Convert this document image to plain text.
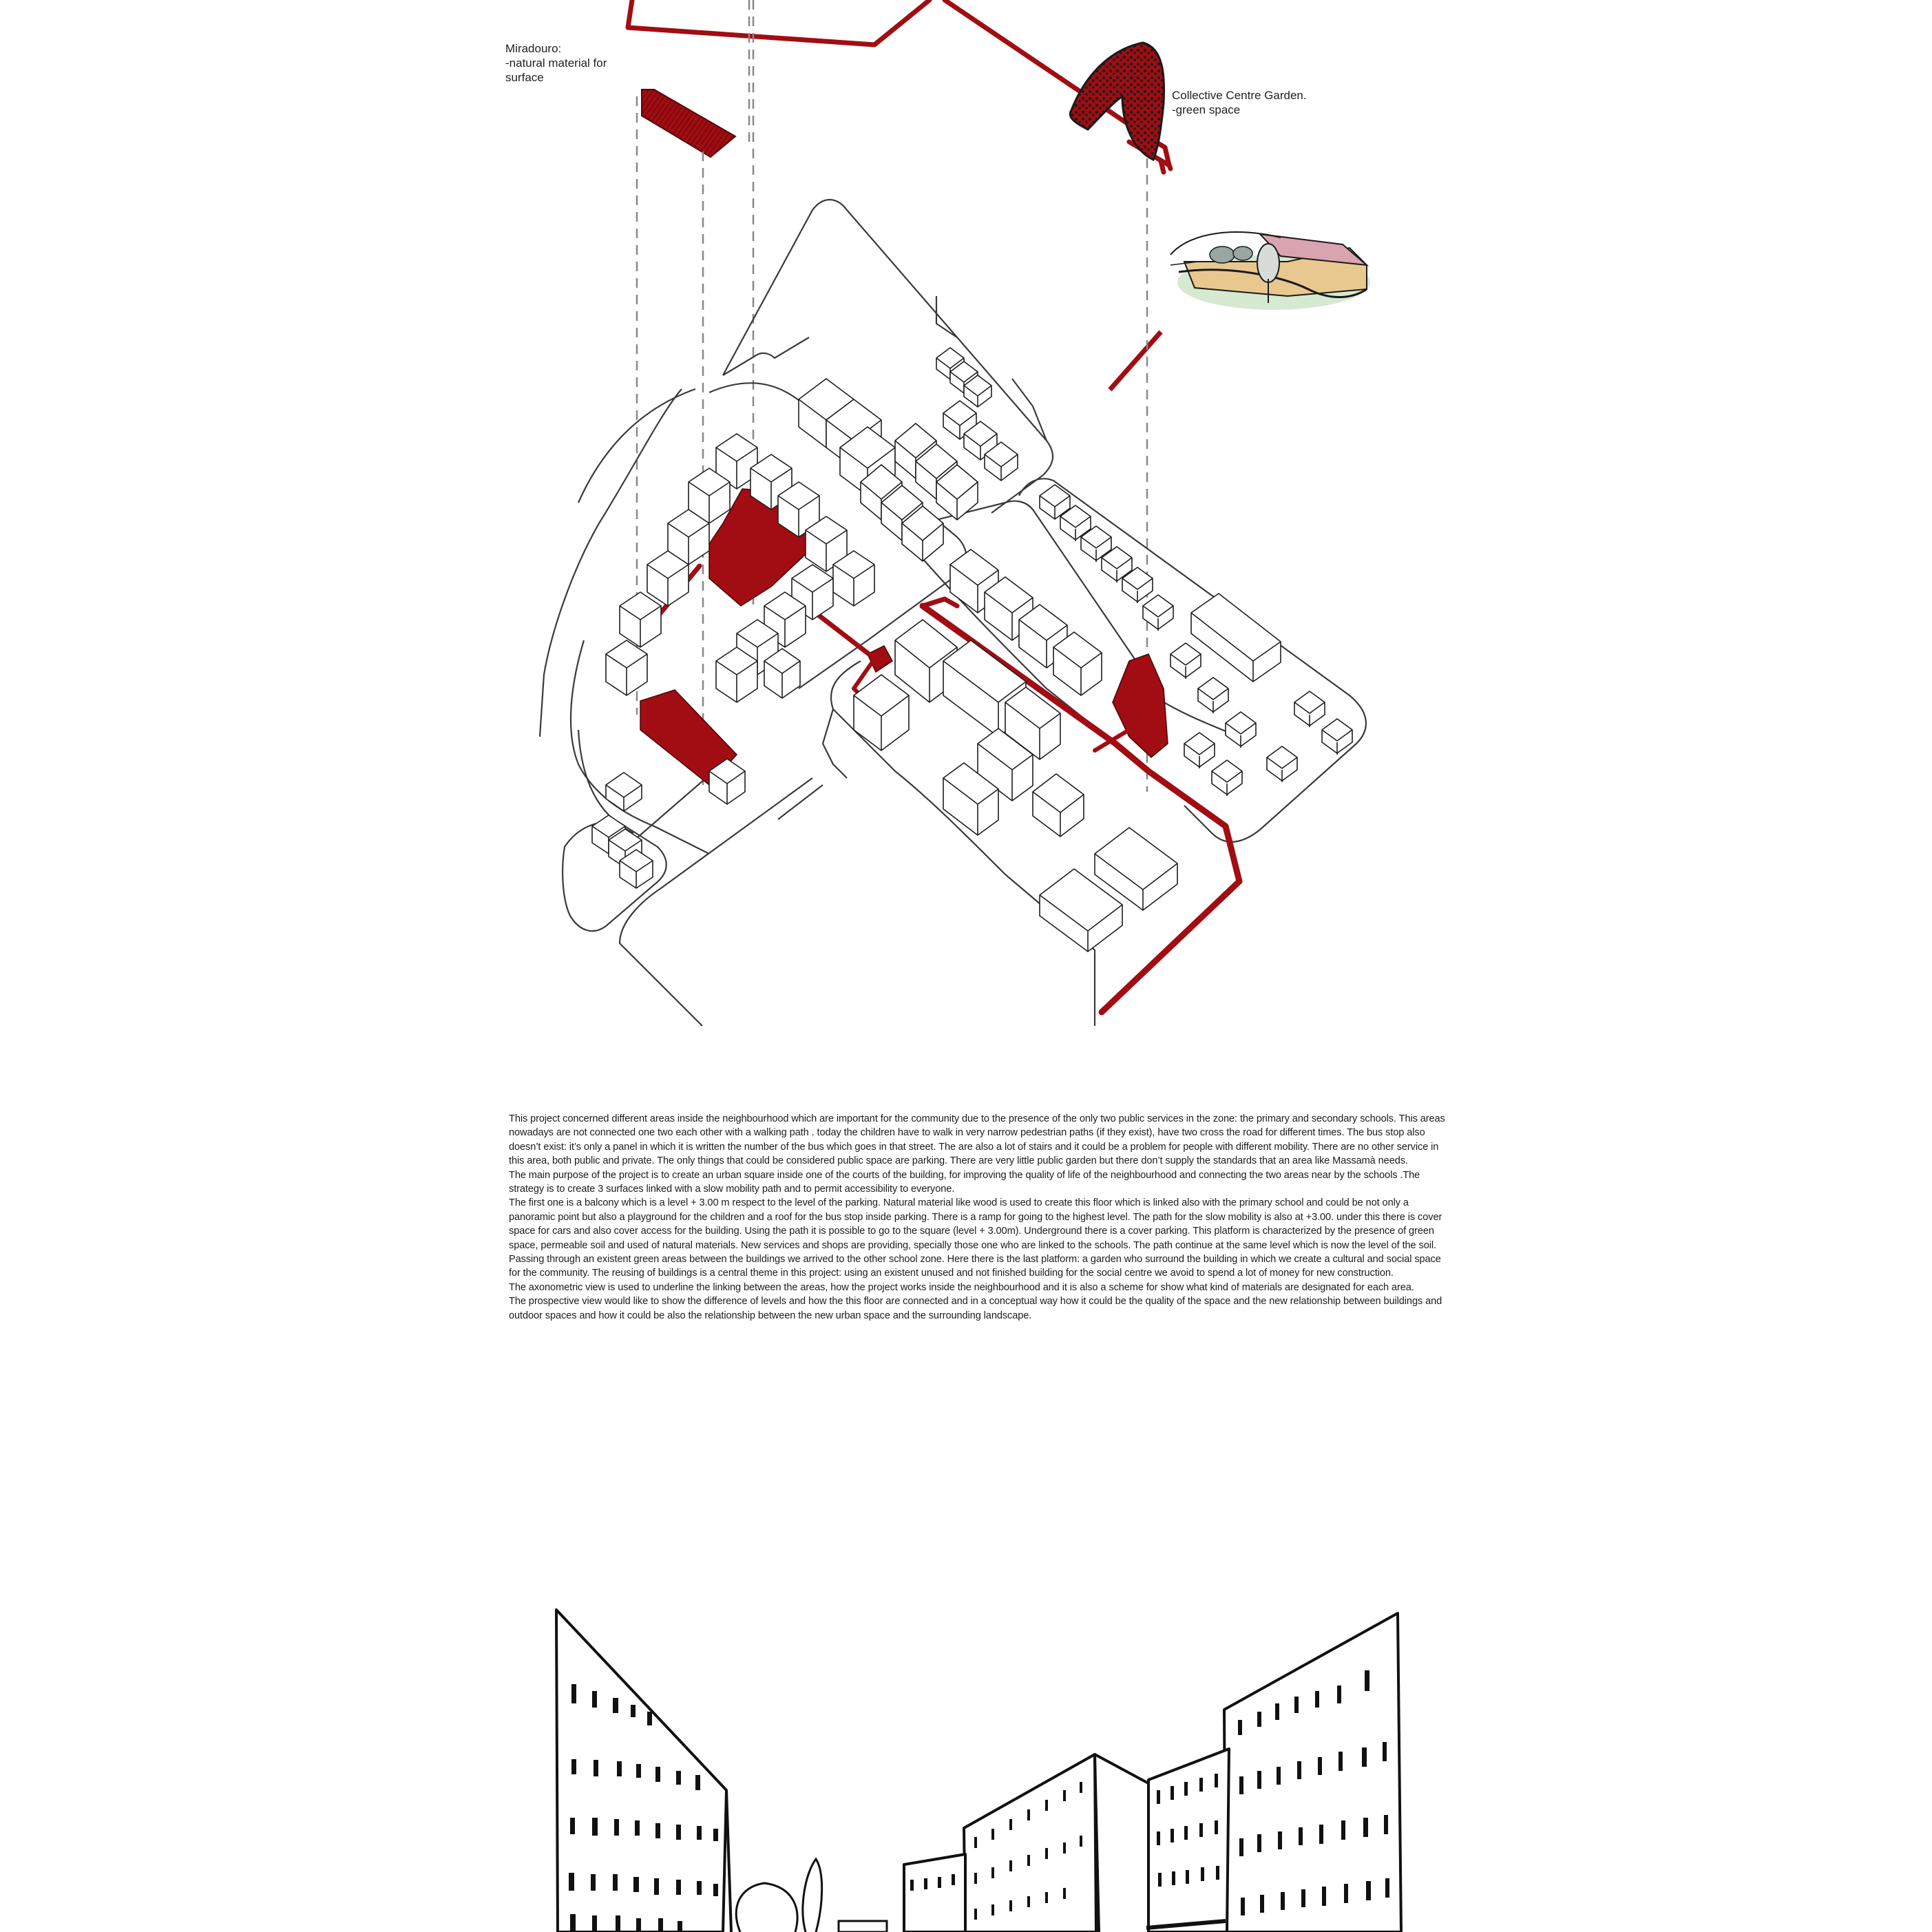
Miradouro:
-natural material for
surface
Collective Centre Garden.
-green space

This project concerned different areas inside the neighbourhood which are important for the community due to the presence of the only two public services in the zone: the primary and secondary schools. This areas nowadays are not connected one two each other with a walking path . today the children have to walk in very narrow pedestrian paths (if they exist), have two cross the road for different times. The bus stop also doesn’t exist: it’s only a panel in which it is written the number of the bus which goes in that street. The are also a lot of stairs and it could be a problem for people with different mobility. There are no other service in this area, both public and private. The only things that could be considered public space are parking. There are very little public garden but there don’t supply the standards that an area like Massamà needs.

The main purpose of the project is to create an urban square inside one of the courts of the building, for improving the quality of life of the neighbourhood and connecting the two areas near by the schools .The strategy is to create 3 surfaces linked with a slow mobility path and to permit accessibility to everyone.

The first one is a balcony which is a level + 3.00 m respect to the level of the parking. Natural material like wood is used to create this floor which is linked also with the primary school and could be not only a panoramic point but also a playground for the children and a roof for the bus stop inside parking. There is a ramp for going to the highest level. The path for the slow mobility is also at +3.00. under this there is cover space for cars and also cover access for the building. Using the path it is possible to go to the square (level + 3.00m). Underground there is a cover parking. This platform is characterized by the presence of green space, permeable soil and used of natural materials. New services and shops are providing, specially those one who are linked to the schools. The path continue at the same level which is now the level of the soil. Passing through an existent green areas between the buildings we arrived to the other school zone. Here there is the last platform: a garden who surround the building in which we create a cultural and social space for the community. The reusing of buildings is a central theme in this project: using an existent unused and not finished building for the social centre we avoid to spend a lot of money for new construction.

The axonometric view is used to underline the linking between the areas, how the project works inside the neighbourhood and it is also a scheme for show what kind of materials are designated for each area.

The prospective view would like to show the difference of levels and how the this floor are connected and in a conceptual way how it could be the quality of the space and the new relationship between buildings and outdoor spaces and how it could be also the relationship between the new urban space and the surrounding landscape.
